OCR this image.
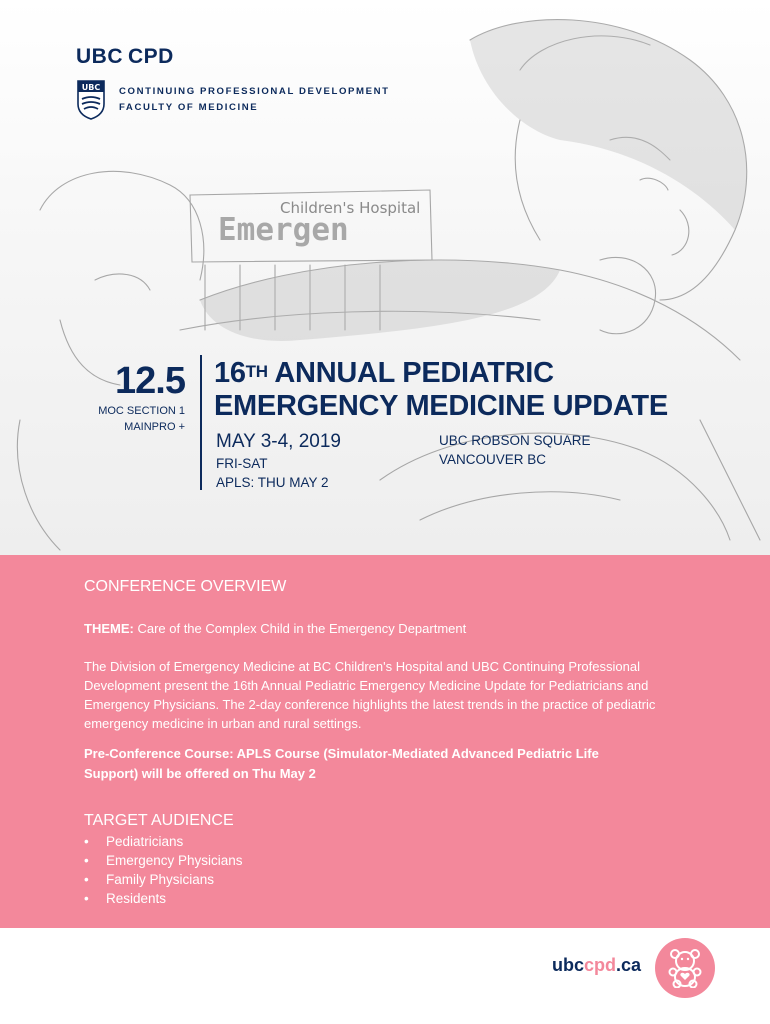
Children's Hospital
Emergen
UBC CPD
UBC CONTINUING PROFESSIONAL DEVELOPMENT
FACULTY OF MEDICINE
12.5
MOC SECTION 1
MAINPRO +
16TH ANNUAL PEDIATRIC
EMERGENCY MEDICINE UPDATE
MAY 3-4, 2019
FRI-SAT
APLS: THU MAY 2
UBC ROBSON SQUARE
VANCOUVER BC
CONFERENCE OVERVIEW
THEME: Care of the Complex Child in the Emergency Department
The Division of Emergency Medicine at BC Children's Hospital and UBC Continuing Professional Development present the 16th Annual Pediatric Emergency Medicine Update for Pediatricians and Emergency Physicians. The 2-day conference highlights the latest trends in the practice of pediatric emergency medicine in urban and rural settings.
Pre-Conference Course: APLS Course (Simulator-Mediated Advanced Pediatric Life Support) will be offered on Thu May 2
TARGET AUDIENCE
• Pediatricians
• Emergency Physicians
• Family Physicians
• Residents
ubccpd.ca
